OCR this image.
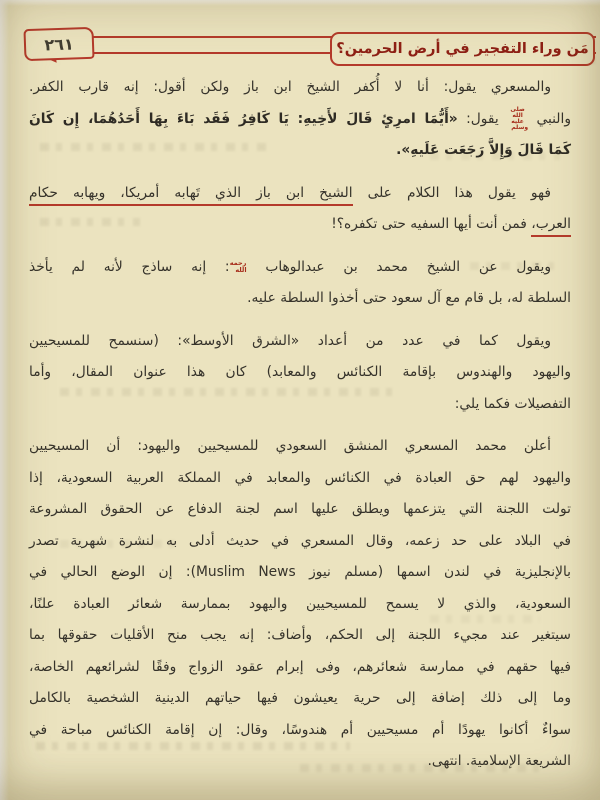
٢٦١	مَن وراء التفجير في أرض الحرمين؟
والمسعري يقول: أنا لا أُكفر الشيخ ابن باز ولكن أقول: إنه قارب الكفر.
والنبي صلى الله عليه وسلم يقول: «أَيُّمَا امرِئٍ قَالَ لأَخِيهِ: يَا كَافِرُ فَقَد بَاءَ بِهَا أَحَدُهُمَا، إِن كَانَ
كَمَا قَالَ وَإِلاَّ رَجَعَت عَلَيهِ».
فهو يقول هذا الكلام على الشيخ ابن باز الذي تَهابه أمريكا، ويهابه حكام
العرب، فمن أنت أيها السفيه حتى تكفره؟!
ويقول عن الشيخ محمد بن عبدالوهاب رحمه الله: إنه ساذج لأنه لم يأخذ
السلطة له، بل قام مع آل سعود حتى أخذوا السلطة عليه.
ويقول كما في عدد من أعداد «الشرق الأوسط»: (سنسمح للمسيحيين
واليهود والهندوس بإقامة الكنائس والمعابد) كان هذا عنوان المقال، وأما
التفصيلات فكما يلي:
أعلن محمد المسعري المنشق السعودي للمسيحيين واليهود: أن المسيحيين
واليهود لهم حق العبادة في الكنائس والمعابد في المملكة العربية السعودية، إذا
تولت اللجنة التي يتزعمها ويطلق عليها اسم لجنة الدفاع عن الحقوق المشروعة
في البلاد على حد زعمه، وقال المسعري في حديث أدلى به لنشرة شهرية تصدر
بالإنجليزية في لندن اسمها (مسلم نيوز Muslim News): إن الوضع الحالي في
السعودية، والذي لا يسمح للمسيحيين واليهود بممارسة شعائر العبادة علنًا،
سيتغير عند مجيء اللجنة إلى الحكم، وأضاف: إنه يجب منح الأقليات حقوقها بما
فيها حقهم في ممارسة شعائرهم، وفى إبرام عقود الزواج وفقًا لشرائعهم الخاصة،
وما إلى ذلك إضافة إلى حرية يعيشون فيها حياتهم الدينية الشخصية بالكامل
سواءٌ أكانوا يهودًا أم مسيحيين أم هندوسًا، وقال: إن إقامة الكنائس مباحة في
الشريعة الإسلامية. انتهى.
